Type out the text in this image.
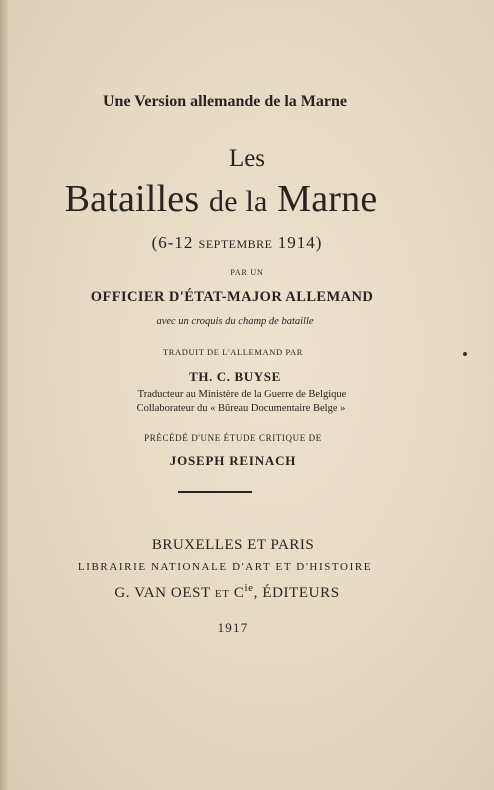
Une Version allemande de la Marne
Les
Batailles de la Marne
(6-12 SEPTEMBRE 1914)
PAR UN
OFFICIER D'ÉTAT-MAJOR ALLEMAND
avec un croquis du champ de bataille
TRADUIT DE L'ALLEMAND PAR
TH. C. BUYSE
Traducteur au Ministère de la Guerre de Belgique
Collaborateur du « Bûreau Documentaire Belge »
PRÉCÉDÉ D'UNE ÉTUDE CRITIQUE DE
JOSEPH REINACH
BRUXELLES ET PARIS
LIBRAIRIE NATIONALE D'ART ET D'HISTOIRE
G. VAN OEST ET $C^{ie}$, ÉDITEURS
1917
